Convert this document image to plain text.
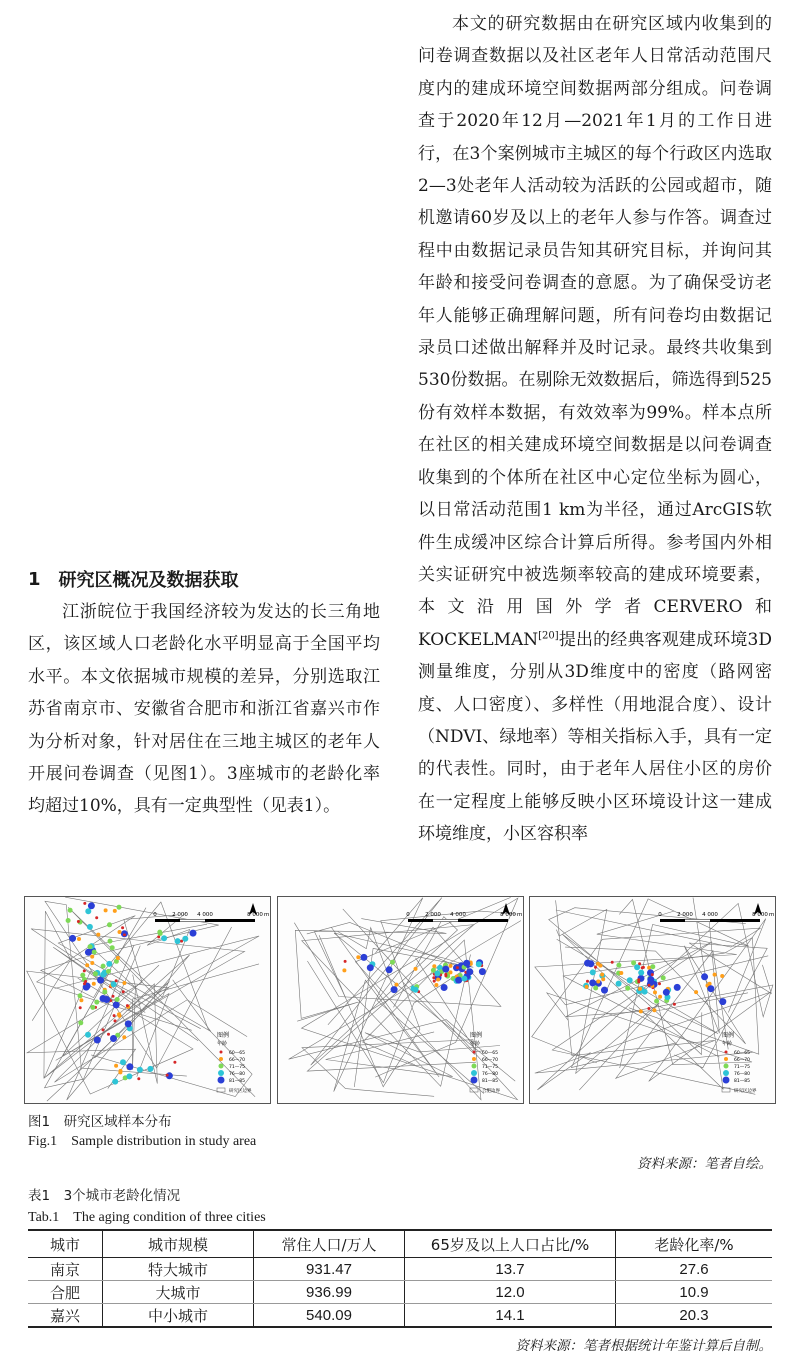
本文的研究数据由在研究区域内收集到的问卷调查数据以及社区老年人日常活动范围尺度内的建成环境空间数据两部分组成。问卷调查于2020年12月—2021年1月的工作日进行，在3个案例城市主城区的每个行政区内选取2—3处老年人活动较为活跃的公园或超市，随机邀请60岁及以上的老年人参与作答。调查过程中由数据记录员告知其研究目标，并询问其年龄和接受问卷调查的意愿。为了确保受访老年人能够正确理解问题，所有问卷均由数据记录员口述做出解释并及时记录。最终共收集到530份数据。在剔除无效数据后，筛选得到525份有效样本数据，有效效率为99%。样本点所在社区的相关建成环境空间数据是以问卷调查收集到的个体所在社区中心定位坐标为圆心，以日常活动范围1 km为半径，通过ArcGIS软件生成缓冲区综合计算后所得。参考国内外相关实证研究中被选频率较高的建成环境要素，本文沿用国外学者CERVERO和KOCKELMAN[20]提出的经典客观建成环境3D测量维度，分别从3D维度中的密度（路网密度、人口密度）、多样性（用地混合度）、设计（NDVI、绿地率）等相关指标入手，具有一定的代表性。同时，由于老年人居住小区的房价在一定程度上能够反映小区环境设计这一建成环境维度，小区容积率

1 研究区概况及数据获取

江浙皖位于我国经济较为发达的长三角地区，该区域人口老龄化水平明显高于全国平均水平。本文依据城市规模的差异，分别选取江苏省南京市、安徽省合肥市和浙江省嘉兴市作为分析对象，针对居住在三地主城区的老年人开展问卷调查（见图1）。3座城市的老龄化率均超过10%，具有一定典型性（见表1）。

0	2 000 4 000	8 000 m
图例
年龄
60—65
66—70
71—75
76—80
81—85
研究区边界
0	2 000 4 000	8 000 m
图例
年龄
60—65
66—70
71—75
76—80
81—85
合肥边界
0	2 000 4 000	8 000 m
图例
年龄
60—65
66—70
71—75
76—80
81—85
研究区边界
图1　研究区域样本分布
Fig.1　Sample distribution in study area
资料来源：笔者自绘。
表1　3个城市老龄化情况
Tab.1　The aging condition of three cities
城市	城市规模	常住人口/万人	65岁及以上人口占比/%	老龄化率/%
南京	特大城市	931.47	13.7	27.6
合肥	大城市	936.99	12.0	10.9
嘉兴	中小城市	540.09	14.1	20.3
资料来源：笔者根据统计年鉴计算后自制。
